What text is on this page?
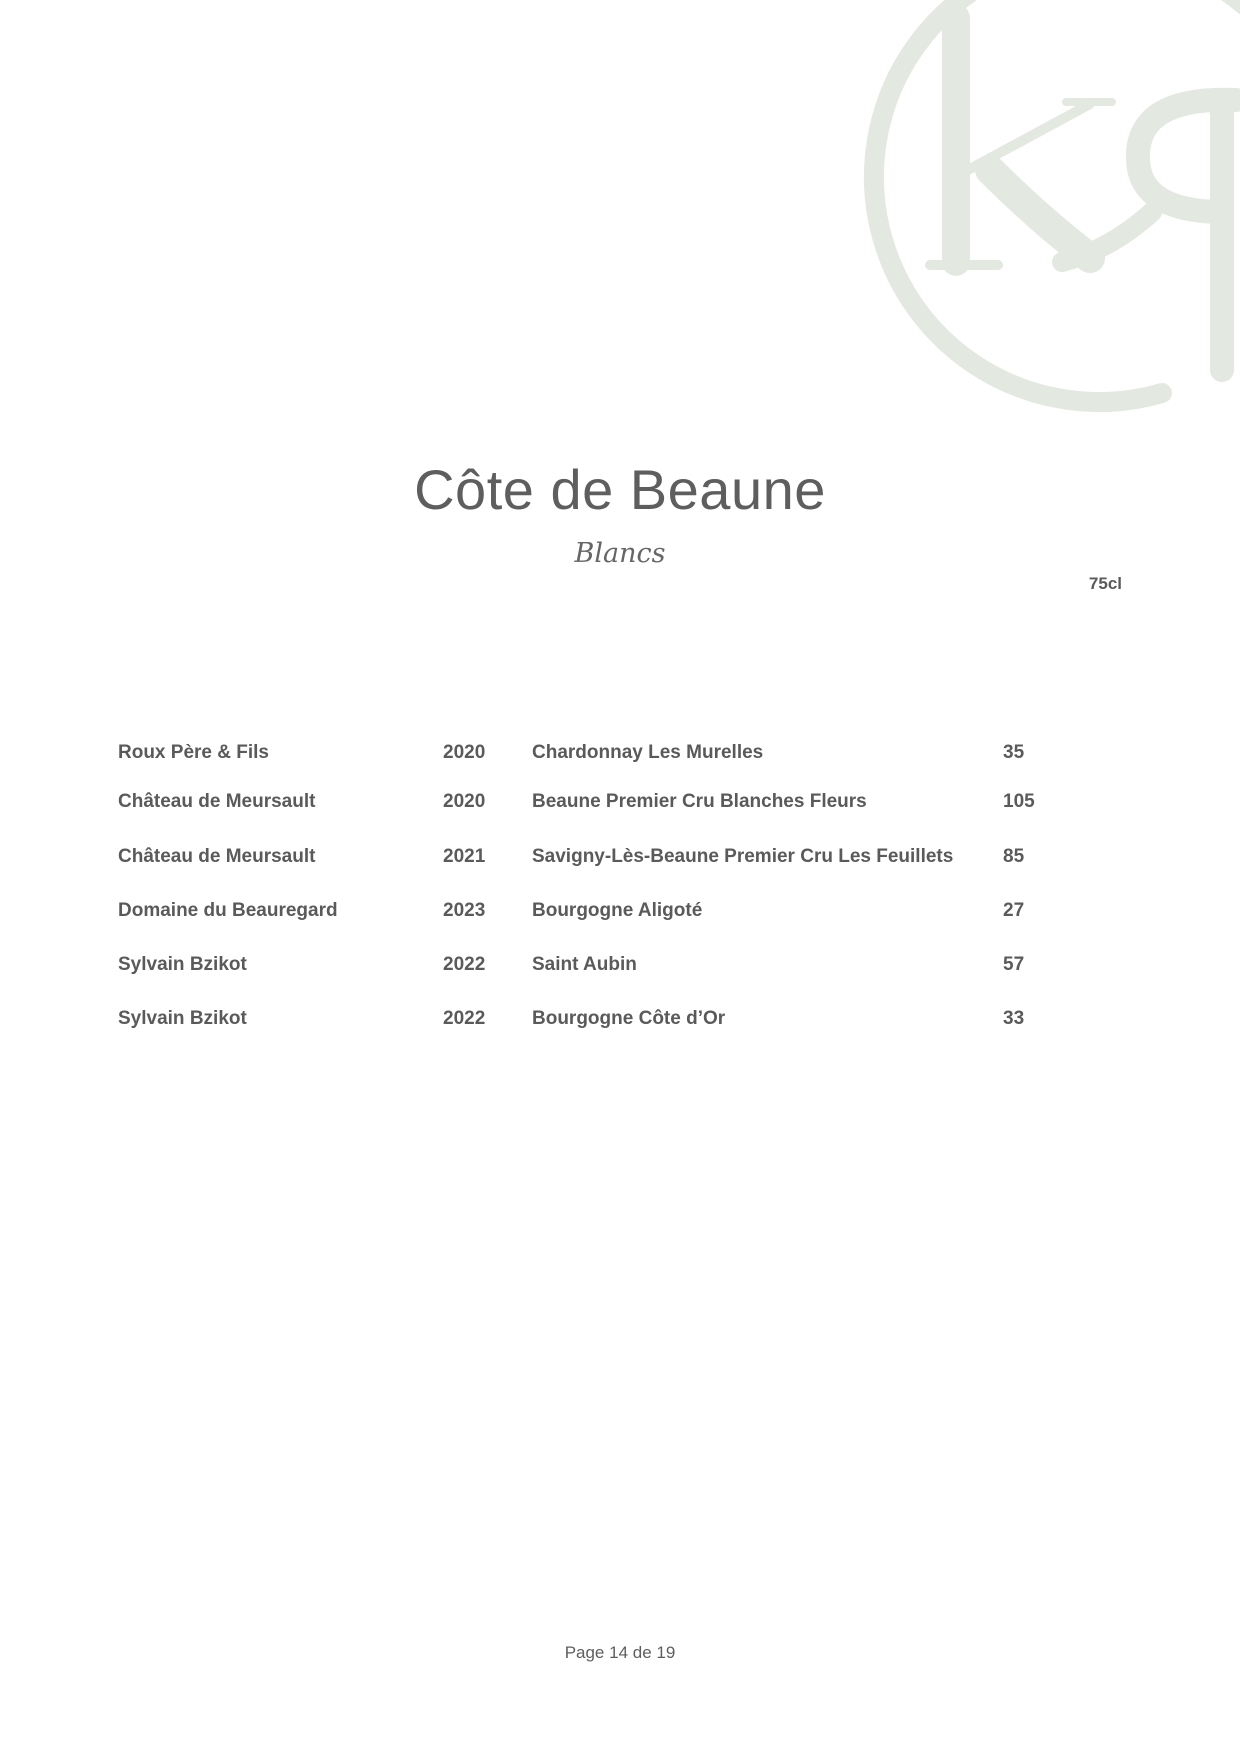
Côte de Beaune
Blancs
75cl
Roux Père & Fils	2020 Chardonnay Les Murelles	35
Château de Meursault	2020 Beaune Premier Cru Blanches Fleurs	105
Château de Meursault	2021 Savigny-Lès-Beaune Premier Cru Les Feuillets	85
Domaine du Beauregard	2023 Bourgogne Aligoté	27
Sylvain Bzikot	2022 Saint Aubin	57
Sylvain Bzikot	2022 Bourgogne Côte d’Or	33
Page 14 de 19
